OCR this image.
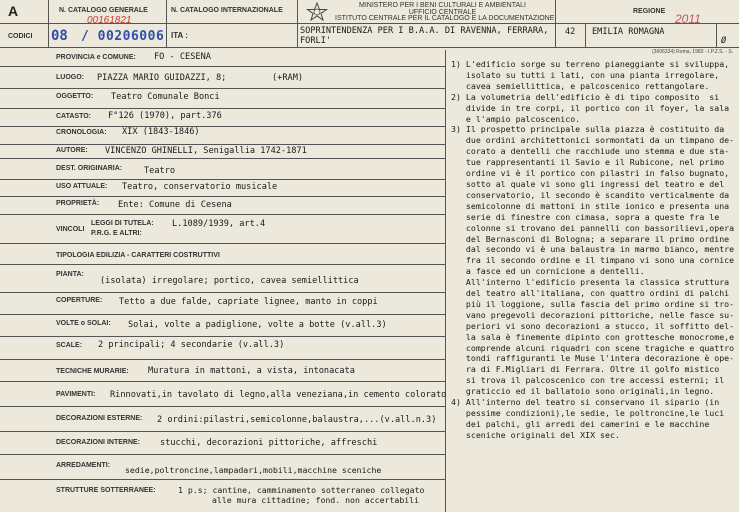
A
CODICI
N. CATALOGO GENERALE
00161821
08 / 00206006
N. CATALOGO INTERNAZIONALE
ITA :
MINISTERO PER I BENI CULTURALI E AMBIENTALI
UFFICIO CENTRALE
ISTITUTO CENTRALE PER IL CATALOGO E LA DOCUMENTAZIONE
REGIONE
2011
SOPRINTENDENZA PER I B.A.A. DI RAVENNA, FERRARA,
FORLI'
42 EMILIA ROMAGNA
Ø
PROVINCIA e COMUNE: FO - CESENA
LUOGO: PIAZZA MARIO GUIDAZZI, 8;	(+RAM)
OGGETTO: Teatro Comunale Bonci
CATASTO: F°126 (1970), part.376
CRONOLOGIA: XIX (1843-1846)
AUTORE: VINCENZO GHINELLI, Senigallia 1742-1871
DEST. ORIGINARIA:	Teatro
USO ATTUALE: Teatro, conservatorio musicale
PROPRIETÀ: Ente: Comune di Cesena
VINCOLI
LEGGI DI TUTELA:
P.R.G. E ALTRI:
L.1089/1939, art.4
TIPOLOGIA EDILIZIA - CARATTERI COSTRUTTIVI
PIANTA:
(isolata) irregolare; portico, cavea semiellittica
COPERTURE: Tetto a due falde, capriate lignee, manto in coppi
VOLTE o SOLAI: Solai, volte a padiglione, volte a botte (v.all.3)
SCALE: 2 principali; 4 secondarie (v.all.3)
TECNICHE MURARIE: Muratura in mattoni, a vista, intonacata
PAVIMENTI: Rinnovati,in tavolato di legno,alla veneziana,in cemento colorato
DECORAZIONI ESTERNE: 2 ordini:pilastri,semicolonne,balaustra,...(v.all.n.3)
DECORAZIONI INTERNE: stucchi, decorazioni pittoriche, affreschi
ARREDAMENTI: sedie,poltroncine,lampadari,mobili,macchine sceniche
STRUTTURE SOTTERRANEE:	1 p.s; cantine, camminamento sotterraneo collegato
alle mura cittadine; fond. non accertabili
(3606334) Roma, 1983 - I.P.Z.S. - S.
1) L'edificio sorge su terreno pianeggiante si sviluppa,
isolato su tutti i lati, con una pianta irregolare,
cavea semiellittica, e palcoscenico rettangolare.
2) La volumetria dell'edificio è di tipo composito  si
divide in tre corpi, il portico con il foyer, la sala
e l'ampio palcoscenico.
3) Il prospetto principale sulla piazza è costituito da
due ordini architettonici sormontati da un timpano de-
corato a dentelli che racchiude uno stemma e due sta-
tue rappresentanti il Savio e il Rubicone, nel primo
ordine vi è il portico con pilastri in falso bugnato,
sotto al quale vi sono gli ingressi del teatro e del
conservatorio, il secondo è scandito verticalmente da
semicolonne di mattoni in stile ionico e presenta una
serie di finestre con cimasa, sopra a queste fra le
colonne si trovano dei pannelli con bassorilievi,opera
del Bernasconi di Bologna; a separare il primo ordine
dal secondo vi è una balaustra in marmo bianco, mentre
fra il secondo ordine e il timpano vi sono una cornice
a fasce ed un cornicione a dentelli.
All'interno l'edificio presenta la classica struttura
del teatro all'italiana, con quattro ordini di palchi
più il loggione, sulla fascia del primo ordine si tro-
vano pregevoli decorazioni pittoriche, nelle fasce su-
periori vi sono decorazioni a stucco, il soffitto del-
la sala è finemente dipinto con grottesche monocrome,e
comprende alcuni riquadri con scene tragiche e quattro
tondi raffiguranti le Muse l'intera decorazione è ope-
ra di F.Migliari di Ferrara. Oltre il golfo mistico
si trova il palcoscenico con tre accessi esterni; il
graticcio ed il ballatoio sono originali,in legno.
4) All'interno del teatro si conservano il sipario (in
pessime condizioni),le sedie, le poltroncine,le luci
dei palchi, gli arredi dei camerini e le macchine
sceniche originali del XIX sec.
